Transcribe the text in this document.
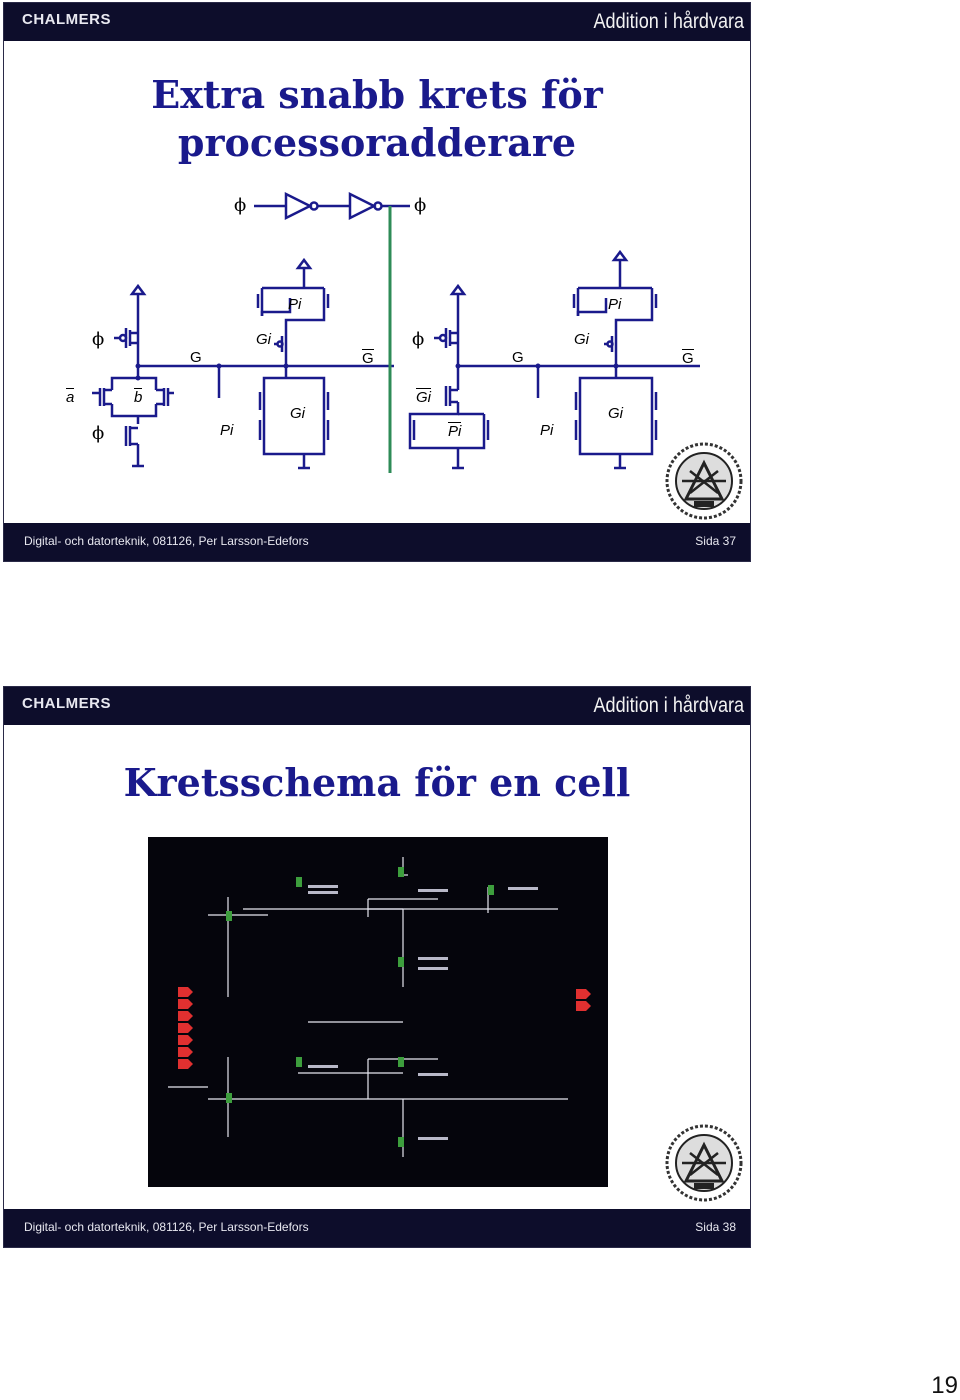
CHALMERS	Addition i hårdvara
Extra snabb krets för
processoradderare
ϕ	ϕ
ϕ
ϕ
ϕ
Pi	Pi
Gi	Gi
G	G	G	G
a	b	Gi
Gi	Gi
Pi	Pi	Pi
Digital- och datorteknik, 081126, Per Larsson-Edefors	Sida 37
CHALMERS	Addition i hårdvara
Kretsschema för en cell
Digital- och datorteknik, 081126, Per Larsson-Edefors	Sida 38
19
